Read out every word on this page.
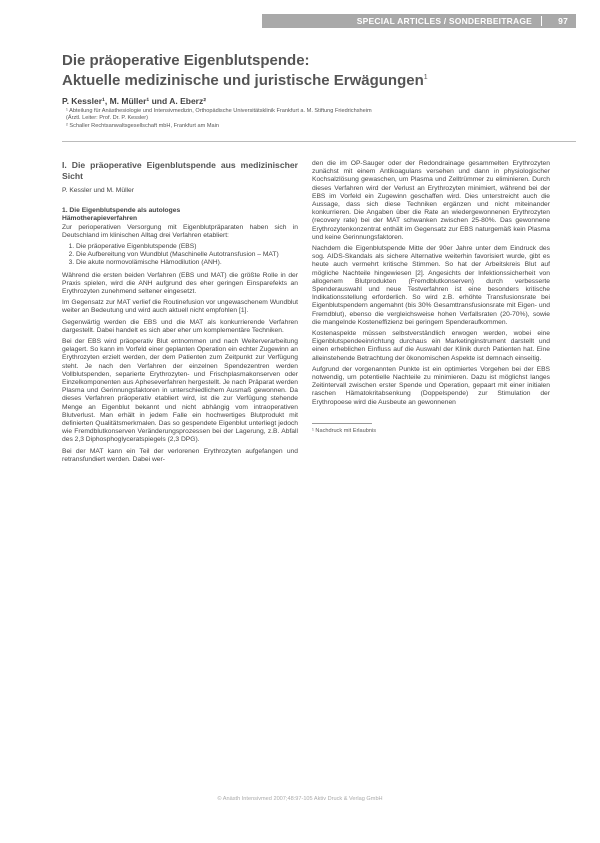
SPECIAL ARTICLES / SONDERBEITRAGE	97
Die präoperative Eigenblutspende:
Aktuelle medizinische und juristische Erwägungen$^1$
P. Kessler¹, M. Müller¹ und A. Eberz²
¹ Abteilung für Anästhesiologie und Intensivmedizin, Orthopädische Universitätsklinik Frankfurt a. M. Stiftung Friedrichsheim
(Ärztl. Leiter: Prof. Dr. P. Kessler)
² Schaller Rechtsanwaltsgesellschaft mbH, Frankfurt am Main
I. Die präoperative Eigenblutspende aus medizinischer Sicht
P. Kessler und M. Müller
1. Die Eigenblutspende als autologes
Hämotherapieverfahren

Zur perioperativen Versorgung mit Eigenblutpräparaten haben sich in Deutschland im klinischen Alltag drei Verfahren etabliert:

1. Die präoperative Eigenblutspende (EBS)
2. Die Aufbereitung von Wundblut (Maschinelle Autotransfusion – MAT)
3. Die akute normovolämische Hämodilution (ANH).

Während die ersten beiden Verfahren (EBS und MAT) die größte Rolle in der Praxis spielen, wird die ANH aufgrund des eher geringen Einsparefekts an Erythrozyten zunehmend seltener eingesetzt.

Im Gegensatz zur MAT verlief die Routinefusion vor ungewaschenem Wundblut weiter an Bedeutung und wird auch aktuell nicht empfohlen [1].

Gegenwärtig werden die EBS und die MAT als konkurrierende Verfahren dargestellt. Dabei handelt es sich aber eher um komplementäre Techniken.

Bei der EBS wird präoperativ Blut entnommen und nach Weiterverarbeitung gelagert. So kann im Vorfeld einer geplanten Operation ein echter Zugewinn an Erythrozyten erzielt werden, der dem Patienten zum Zeitpunkt zur Verfügung steht. Je nach den Verfahren der einzelnen Spendezentren werden Vollblutspenden, separierte Erythrozyten- und Frischplasmakonserven oder Einzelkomponenten aus Apheseverfahren hergestellt. Je nach Präparat werden Plasma und Gerinnungsfaktoren in unterschiedlichem Ausmaß gewonnen. Da dieses Verfahren präoperativ etabliert wird, ist die zur Verfügung stehende Menge an Eigenblut bekannt und nicht abhängig vom intraoperativen Blutverlust. Man erhält in jedem Falle ein hochwertiges Blutprodukt mit definierten Qualitätsmerkmalen. Das so gespendete Eigenblut unterliegt jedoch wie Fremdblutkonserven Veränderungsprozessen bei der Lagerung, z.B. Abfall des 2,3 Diphosphoglyceratspiegels (2,3 DPG).

Bei der MAT kann ein Teil der verlorenen Erythrozyten aufgefangen und retransfundiert werden. Dabei wer-

den die im OP-Sauger oder der Redondrainage gesammelten Erythrozyten zunächst mit einem Antikoagulans versehen und dann in physiologischer Kochsalzlösung gewaschen, um Plasma und Zelltrümmer zu eliminieren. Durch dieses Verfahren wird der Verlust an Erythrozyten minimiert, während bei der EBS im Vorfeld ein Zugewinn geschaffen wird. Dies unterstreicht auch die Aussage, dass sich diese Techniken ergänzen und nicht miteinander konkurrieren. Die Angaben über die Rate an wiedergewonnenen Erythrozyten (recovery rate) bei der MAT schwanken zwischen 25-80%. Das gewonnene Erythrozytenkonzentrat enthält im Gegensatz zur EBS naturgemäß kein Plasma und keine Gerinnungsfaktoren.

Nachdem die Eigenblutspende Mitte der 90er Jahre unter dem Eindruck des sog. AIDS-Skandals als sichere Alternative weiterhin favorisiert wurde, gibt es heute auch vermehrt kritische Stimmen. So hat der Arbeitskreis Blut auf mögliche Nachteile hingewiesen [2]. Angesichts der Infektionssicherheit von allogenem Blutprodukten (Fremdblutkonserven) durch verbesserte Spenderauswahl und neue Testverfahren ist eine besonders kritische Indikationsstellung erforderlich. So wird z.B. erhöhte Transfusionsrate bei Eigenblutspendern angemahnt (bis 30% Gesamttransfusionsrate mit Eigen- und Fremdblut), ebenso die vergleichsweise hohen Verfallsraten (20-70%), sowie die mangelnde Kosteneffizienz bei geringem Spenderaufkommen.

Kostenaspekte müssen selbstverständlich erwogen werden, wobei eine Eigenblutspendeeinrichtung durchaus ein Marketinginstrument darstellt und einen erheblichen Einfluss auf die Auswahl der Klinik durch Patienten hat. Eine alleinstehende Betrachtung der ökonomischen Aspekte ist demnach einseitig.

Aufgrund der vorgenannten Punkte ist ein optimiertes Vorgehen bei der EBS notwendig, um potentielle Nachteile zu minimieren. Dazu ist möglichst langes Zeitintervall zwischen erster Spende und Operation, gepaart mit einer initialen raschen Hämatokritabsenkung (Doppelspende) zur Stimulation der Erythropoese wird die Ausbeute an gewonnenen

¹ Nachdruck mit Erlaubnis
© Anästh Intensivmed 2007;48:97-105 Aktiv Druck & Verlag GmbH
